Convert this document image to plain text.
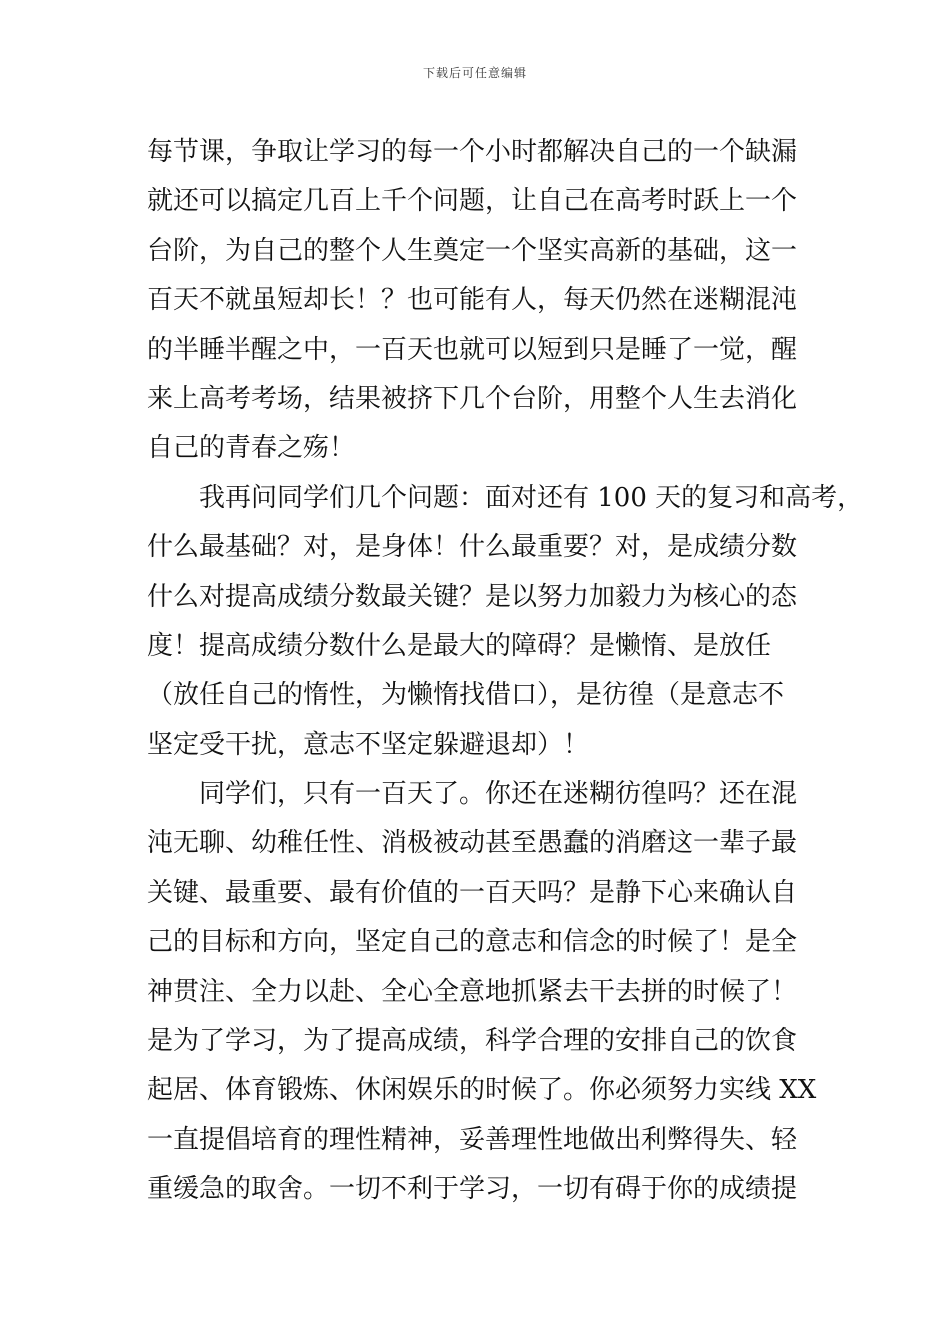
下载后可任意编辑
每节课，争取让学习的每一个小时都解决自己的一个缺漏
就还可以搞定几百上千个问题，让自己在高考时跃上一个
台阶，为自己的整个人生奠定一个坚实高新的基础，这一
百天不就虽短却长！？也可能有人，每天仍然在迷糊混沌
的半睡半醒之中，一百天也就可以短到只是睡了一觉，醒
来上高考考场，结果被挤下几个台阶，用整个人生去消化
自己的青春之殇！
　　我再问同学们几个问题：面对还有 100 天的复习和高考，
什么最基础？对，是身体！什么最重要？对，是成绩分数
什么对提高成绩分数最关键？是以努力加毅力为核心的态
度！提高成绩分数什么是最大的障碍？是懒惰、是放任
（放任自己的惰性，为懒惰找借口），是彷徨（是意志不
坚定受干扰，意志不坚定躲避退却）！
　　同学们，只有一百天了。你还在迷糊彷徨吗？还在混
沌无聊、幼稚任性、消极被动甚至愚蠢的消磨这一辈子最
关键、最重要、最有价值的一百天吗？是静下心来确认自
己的目标和方向，坚定自己的意志和信念的时候了！是全
神贯注、全力以赴、全心全意地抓紧去干去拼的时候了！
是为了学习，为了提高成绩，科学合理的安排自己的饮食
起居、体育锻炼、休闲娱乐的时候了。你必须努力实线 XX
一直提倡培育的理性精神，妥善理性地做出利弊得失、轻
重缓急的取舍。一切不利于学习，一切有碍于你的成绩提
